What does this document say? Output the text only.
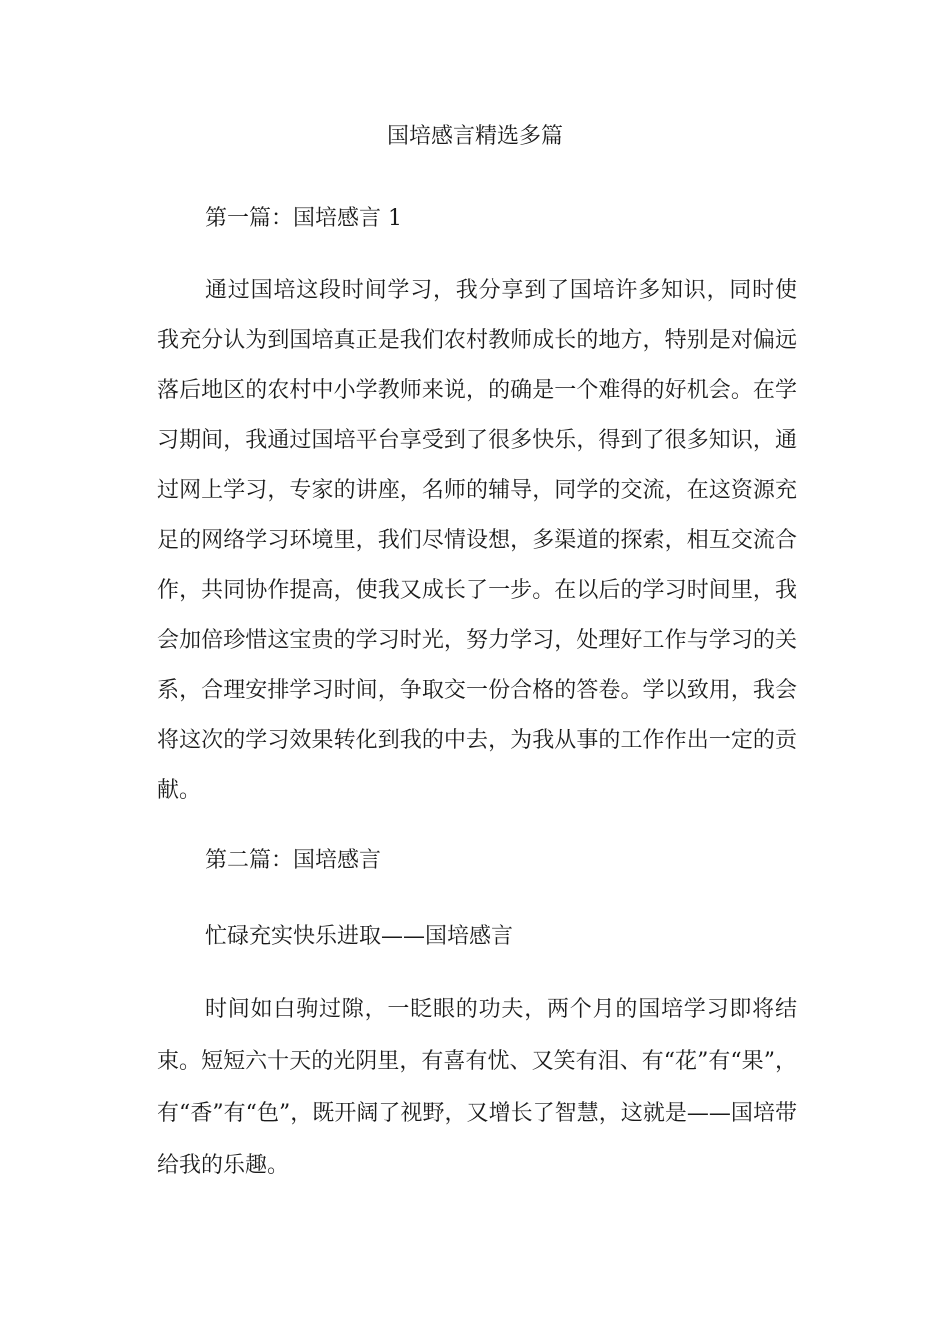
国培感言精选多篇
第一篇：国培感言 1

通过国培这段时间学习，我分享到了国培许多知识，同时使我充分认为到国培真正是我们农村教师成长的地方，特别是对偏远落后地区的农村中小学教师来说，的确是一个难得的好机会。在学习期间，我通过国培平台享受到了很多快乐，得到了很多知识，通过网上学习，专家的讲座，名师的辅导，同学的交流，在这资源充足的网络学习环境里，我们尽情设想，多渠道的探索，相互交流合作，共同协作提高，使我又成长了一步。在以后的学习时间里，我会加倍珍惜这宝贵的学习时光，努力学习，处理好工作与学习的关系，合理安排学习时间，争取交一份合格的答卷。学以致用，我会将这次的学习效果转化到我的中去，为我从事的工作作出一定的贡献。

第二篇：国培感言
忙碌充实快乐进取——国培感言

时间如白驹过隙，一眨眼的功夫，两个月的国培学习即将结束。短短六十天的光阴里，有喜有忧、又笑有泪、有“花”有“果”，有“香”有“色”，既开阔了视野，又增长了智慧，这就是——国培带给我的乐趣。
